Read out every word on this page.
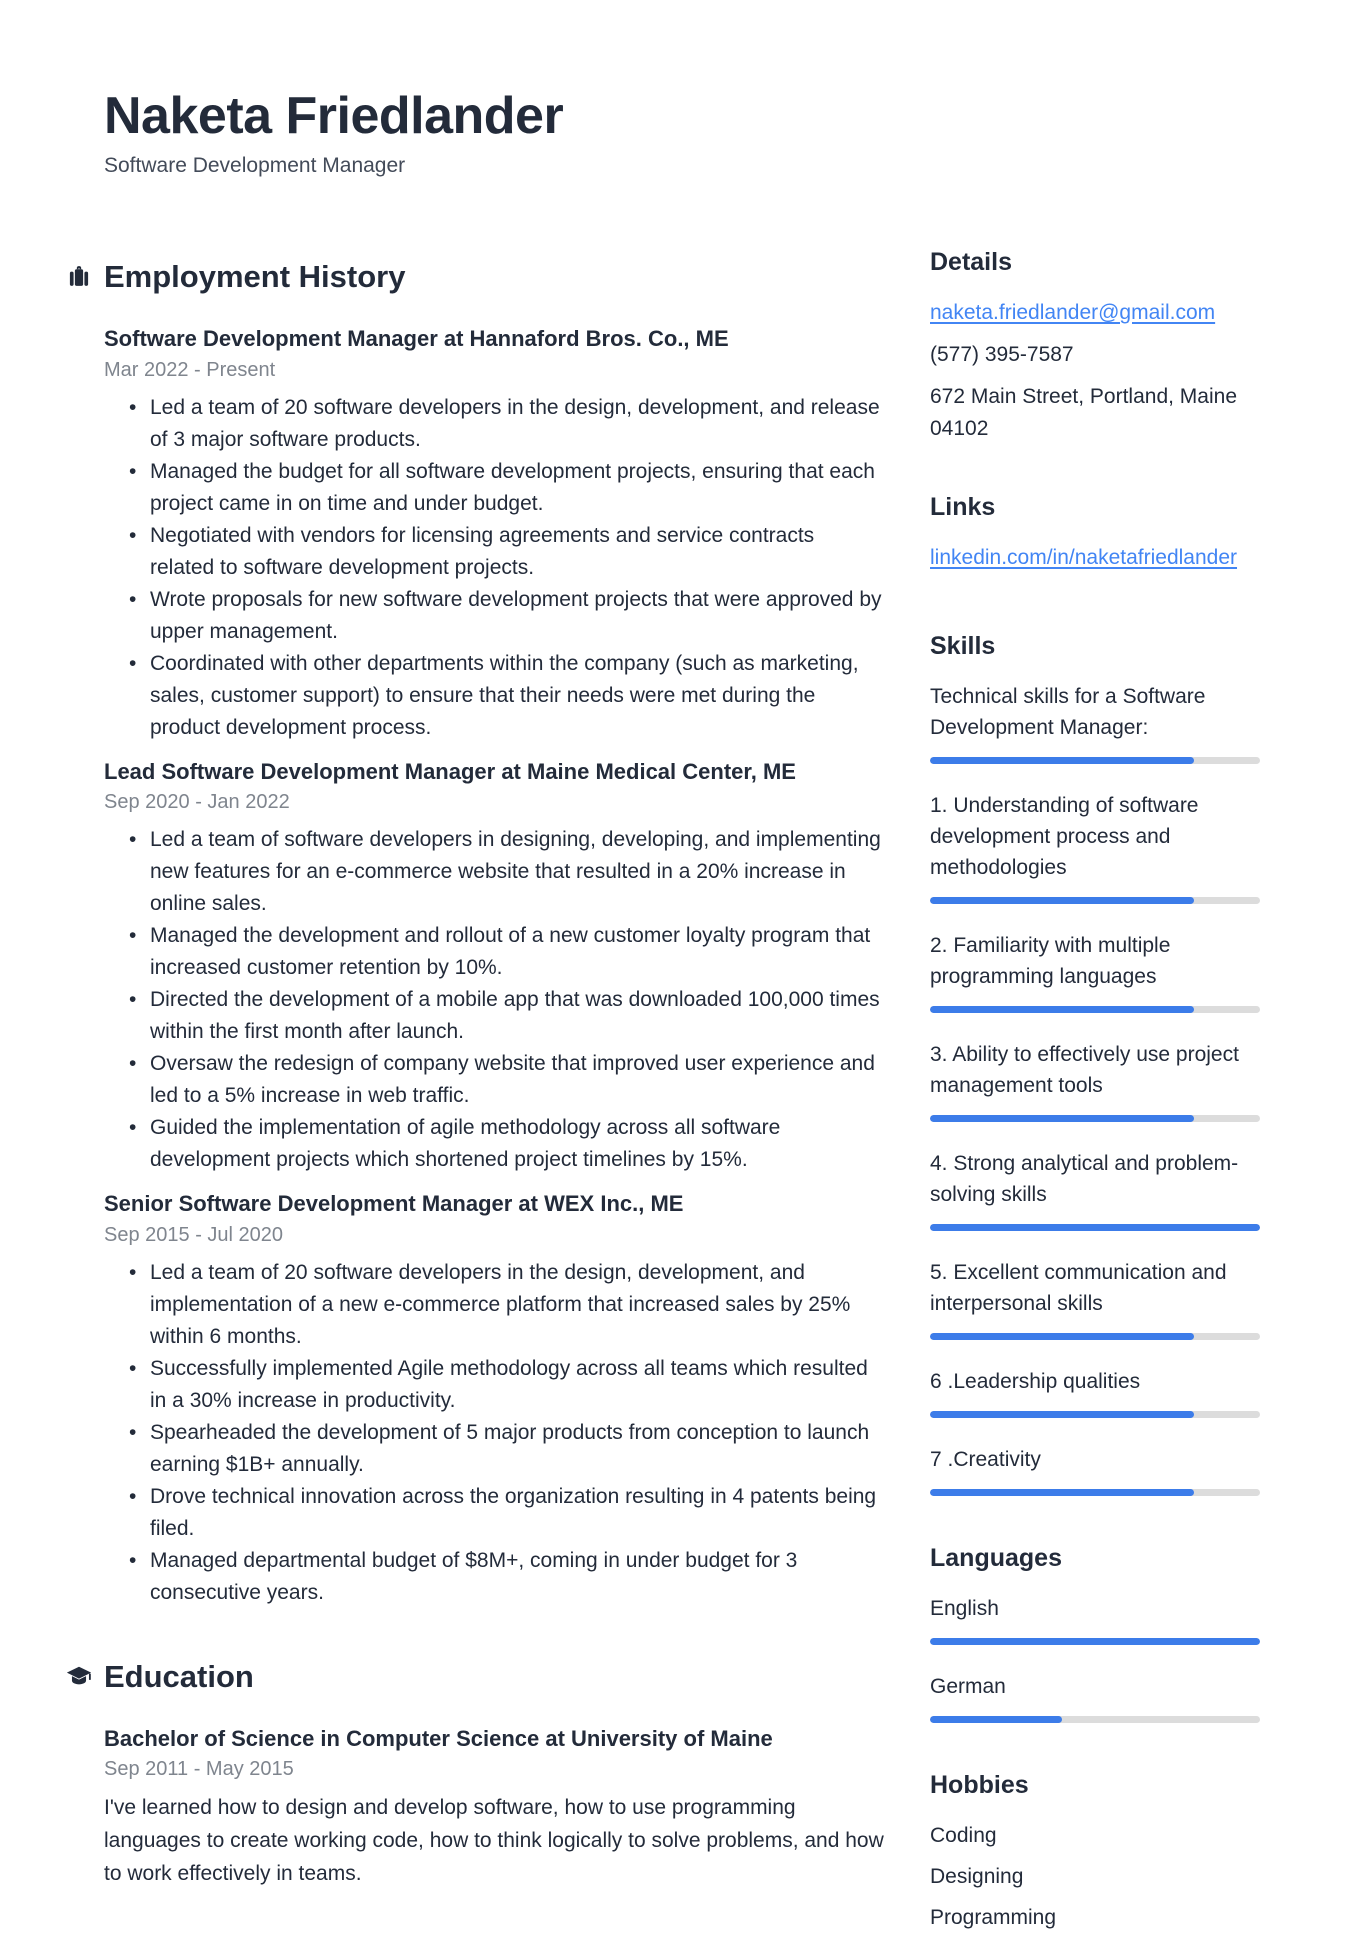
Naketa Friedlander
Software Development Manager
Employment History
Software Development Manager at Hannaford Bros. Co., ME
Mar 2022 - Present
• Led a team of 20 software developers in the design, development, and release of 3 major software products.
• Managed the budget for all software development projects, ensuring that each project came in on time and under budget.
• Negotiated with vendors for licensing agreements and service contracts related to software development projects.
• Wrote proposals for new software development projects that were approved by upper management.
• Coordinated with other departments within the company (such as marketing, sales, customer support) to ensure that their needs were met during the product development process.
Lead Software Development Manager at Maine Medical Center, ME
Sep 2020 - Jan 2022
• Led a team of software developers in designing, developing, and implementing new features for an e-commerce website that resulted in a 20% increase in online sales.
• Managed the development and rollout of a new customer loyalty program that increased customer retention by 10%.
• Directed the development of a mobile app that was downloaded 100,000 times within the first month after launch.
• Oversaw the redesign of company website that improved user experience and led to a 5% increase in web traffic.
• Guided the implementation of agile methodology across all software development projects which shortened project timelines by 15%.
Senior Software Development Manager at WEX Inc., ME
Sep 2015 - Jul 2020
• Led a team of 20 software developers in the design, development, and implementation of a new e-commerce platform that increased sales by 25% within 6 months.
• Successfully implemented Agile methodology across all teams which resulted in a 30% increase in productivity.
• Spearheaded the development of 5 major products from conception to launch earning $1B+ annually.
• Drove technical innovation across the organization resulting in 4 patents being filed.
• Managed departmental budget of $8M+, coming in under budget for 3 consecutive years.
Education
Bachelor of Science in Computer Science at University of Maine
Sep 2011 - May 2015

I've learned how to design and develop software, how to use programming languages to create working code, how to think logically to solve problems, and how to work effectively in teams.

Details
naketa.friedlander@gmail.com
(577) 395-7587
672 Main Street, Portland, Maine
04102
Links
linkedin.com/in/naketafriedlander
Skills
Technical skills for a Software Development Manager:
1. Understanding of software development process and methodologies
2. Familiarity with multiple programming languages
3. Ability to effectively use project management tools
4. Strong analytical and problem-solving skills
5. Excellent communication and interpersonal skills
6 .Leadership qualities
7 .Creativity
Languages
English
German
Hobbies
Coding
Designing
Programming
